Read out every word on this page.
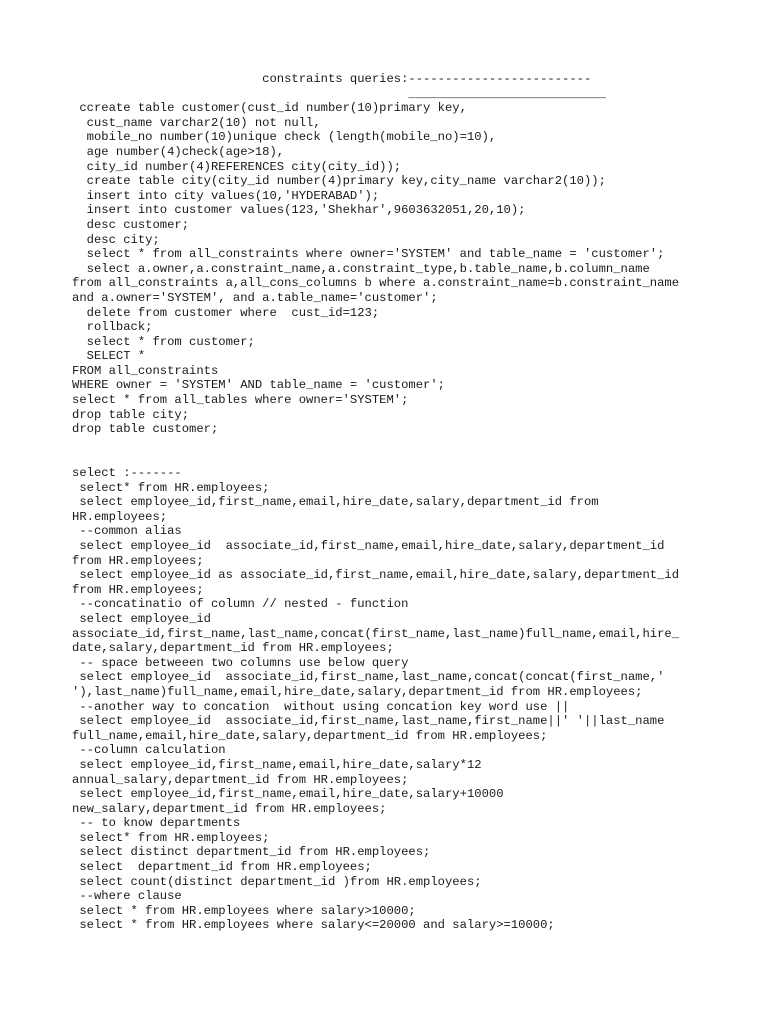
constraints queries:-------------------------
___________________________
ccreate table customer(cust_id number(10)primary key,
cust_name varchar2(10) not null,
mobile_no number(10)unique check (length(mobile_no)=10),
age number(4)check(age>18),
city_id number(4)REFERENCES city(city_id));
create table city(city_id number(4)primary key,city_name varchar2(10));
insert into city values(10,'HYDERABAD');
insert into customer values(123,'Shekhar',9603632051,20,10);
desc customer;
desc city;
select * from all_constraints where owner='SYSTEM' and table_name = 'customer';
select a.owner,a.constraint_name,a.constraint_type,b.table_name,b.column_name
from all_constraints a,all_cons_columns b where a.constraint_name=b.constraint_name
and a.owner='SYSTEM', and a.table_name='customer';
delete from customer where  cust_id=123;
rollback;
select * from customer;
SELECT *
FROM all_constraints
WHERE owner = 'SYSTEM' AND table_name = 'customer';
select * from all_tables where owner='SYSTEM';
drop table city;
drop table customer;
select :-------
select* from HR.employees;
select employee_id,first_name,email,hire_date,salary,department_id from
HR.employees;
--common alias
select employee_id  associate_id,first_name,email,hire_date,salary,department_id
from HR.employees;
select employee_id as associate_id,first_name,email,hire_date,salary,department_id
from HR.employees;
--concatinatio of column // nested - function
select employee_id
associate_id,first_name,last_name,concat(first_name,last_name)full_name,email,hire_
date,salary,department_id from HR.employees;
-- space betweeen two columns use below query
select employee_id  associate_id,first_name,last_name,concat(concat(first_name,'
'),last_name)full_name,email,hire_date,salary,department_id from HR.employees;
--another way to concation  without using concation key word use ||
select employee_id  associate_id,first_name,last_name,first_name||' '||last_name
full_name,email,hire_date,salary,department_id from HR.employees;
--column calculation
select employee_id,first_name,email,hire_date,salary*12
annual_salary,department_id from HR.employees;
select employee_id,first_name,email,hire_date,salary+10000
new_salary,department_id from HR.employees;
-- to know departments
select* from HR.employees;
select distinct department_id from HR.employees;
select  department_id from HR.employees;
select count(distinct department_id )from HR.employees;
--where clause
select * from HR.employees where salary>10000;
select * from HR.employees where salary<=20000 and salary>=10000;
